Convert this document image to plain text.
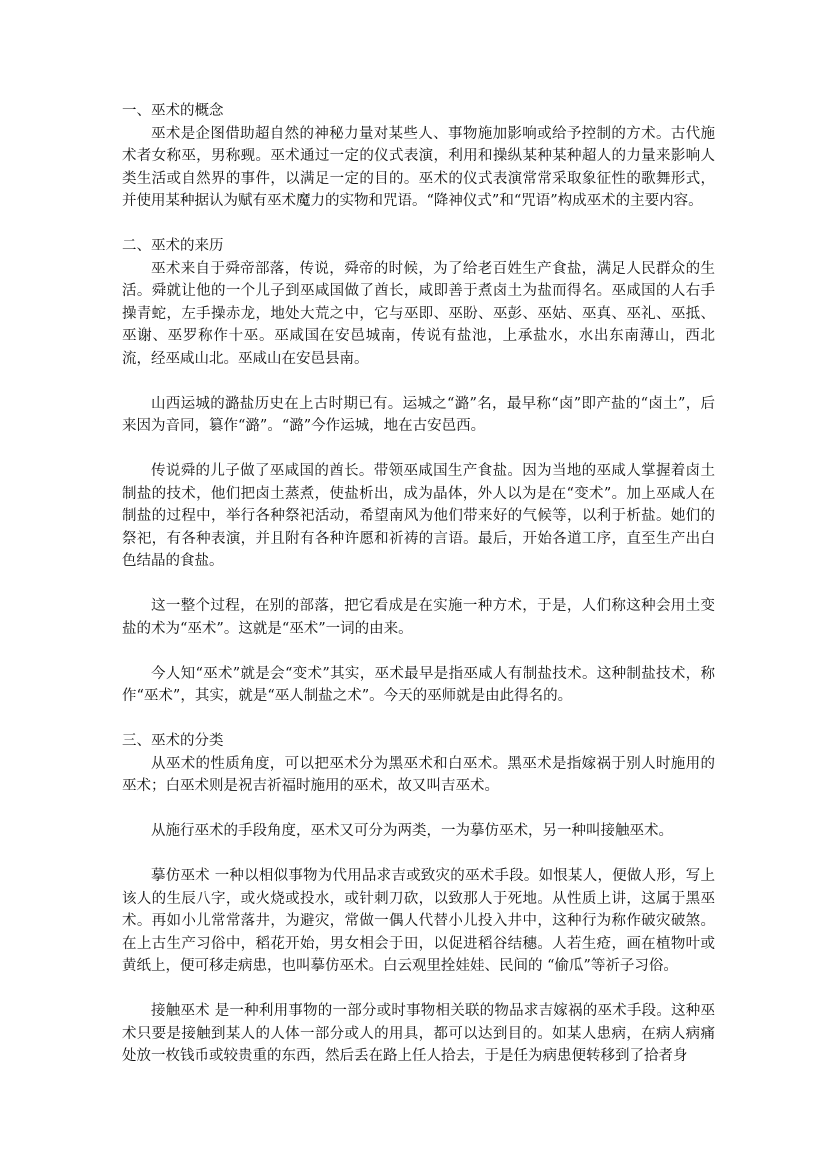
一、巫术的概念

巫术是企图借助超自然的神秘力量对某些人、事物施加影响或给予控制的方术。古代施术者女称巫，男称觋。巫术通过一定的仪式表演，利用和操纵某种某种超人的力量来影响人类生活或自然界的事件，以满足一定的目的。巫术的仪式表演常常采取象征性的歌舞形式，并使用某种据认为赋有巫术魔力的实物和咒语。“降神仪式”和“咒语”构成巫术的主要内容。

二、巫术的来历

巫术来自于舜帝部落，传说，舜帝的时候，为了给老百姓生产食盐，满足人民群众的生活。舜就让他的一个儿子到巫咸国做了酋长，咸即善于煮卤土为盐而得名。巫咸国的人右手操青蛇，左手操赤龙，地处大荒之中，它与巫即、巫盼、巫彭、巫姑、巫真、巫礼、巫抵、巫谢、巫罗称作十巫。巫咸国在安邑城南，传说有盐池，上承盐水，水出东南薄山，西北流，经巫咸山北。巫咸山在安邑县南。

山西运城的潞盐历史在上古时期已有。运城之“潞”名，最早称“卤”即产盐的“卤土”，后来因为音同，篡作“潞”。“潞”今作运城，地在古安邑西。

传说舜的儿子做了巫咸国的酋长。带领巫咸国生产食盐。因为当地的巫咸人掌握着卤土制盐的技术，他们把卤土蒸煮，使盐析出，成为晶体，外人以为是在“变术”。加上巫咸人在制盐的过程中，举行各种祭祀活动，希望南风为他们带来好的气候等，以利于析盐。她们的祭祀，有各种表演，并且附有各种许愿和祈祷的言语。最后，开始各道工序，直至生产出白色结晶的食盐。

这一整个过程，在别的部落，把它看成是在实施一种方术，于是，人们称这种会用土变盐的术为“巫术”。这就是“巫术”一词的由来。

今人知“巫术”就是会“变术”其实，巫术最早是指巫咸人有制盐技术。这种制盐技术，称作“巫术”，其实，就是“巫人制盐之术”。今天的巫师就是由此得名的。

三、巫术的分类

从巫术的性质角度，可以把巫术分为黑巫术和白巫术。黑巫术是指嫁祸于别人时施用的巫术；白巫术则是祝吉祈福时施用的巫术，故又叫吉巫术。

从施行巫术的手段角度，巫术又可分为两类，一为摹仿巫术，另一种叫接触巫术。

摹仿巫术 一种以相似事物为代用品求吉或致灾的巫术手段。如恨某人，便做人形，写上该人的生辰八字，或火烧或投水，或针刺刀砍，以致那人于死地。从性质上讲，这属于黑巫术。再如小儿常常落井，为避灾，常做一偶人代替小儿投入井中，这种行为称作破灾破煞。在上古生产习俗中，稻花开始，男女相会于田，以促进稻谷结穗。人若生疮，画在植物叶或黄纸上，便可移走病患，也叫摹仿巫术。白云观里拴娃娃、民间的 “偷瓜”等祈子习俗。

接触巫术 是一种利用事物的一部分或时事物相关联的物品求吉嫁祸的巫术手段。这种巫术只要是接触到某人的人体一部分或人的用具，都可以达到目的。如某人患病，在病人病痛处放一枚钱币或较贵重的东西，然后丢在路上任人拾去，于是任为病患便转移到了拾者身
